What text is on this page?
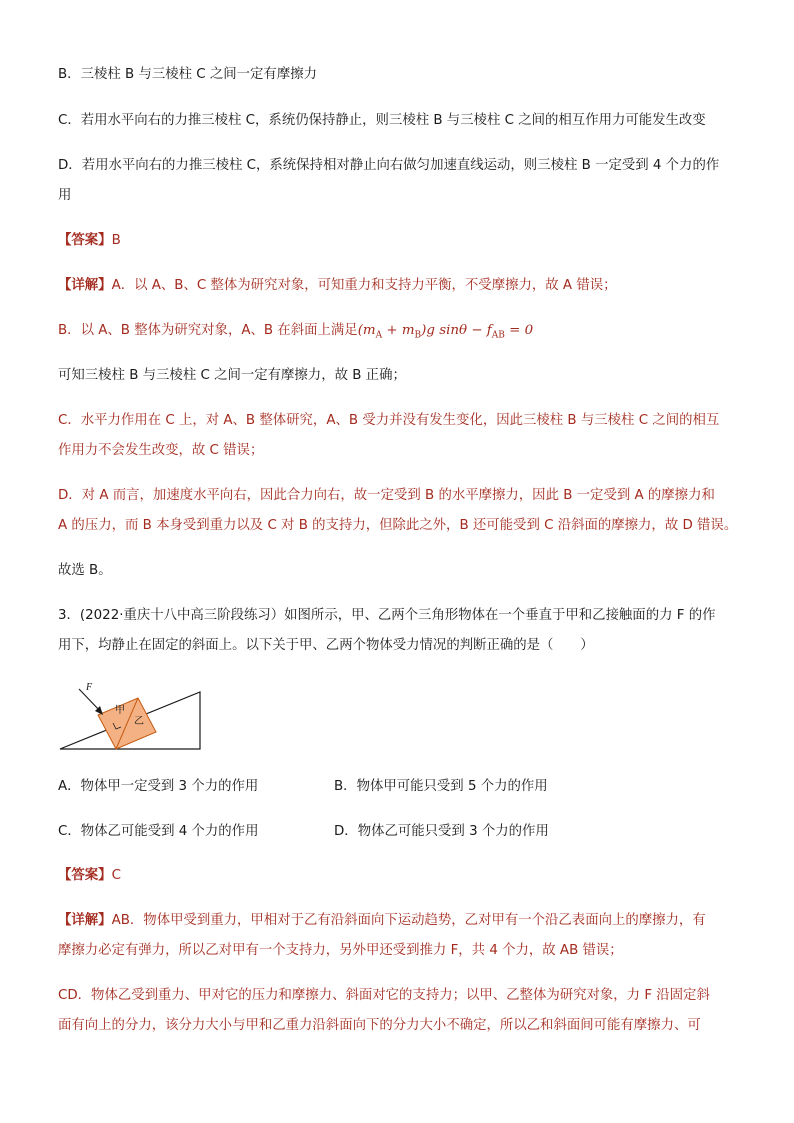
B．三棱柱 B 与三棱柱 C 之间一定有摩擦力
C．若用水平向右的力推三棱柱 C，系统仍保持静止，则三棱柱 B 与三棱柱 C 之间的相互作用力可能发生改变
D．若用水平向右的力推三棱柱 C，系统保持相对静止向右做匀加速直线运动，则三棱柱 B 一定受到 4 个力的作
用
【答案】B
【详解】A．以 A、B、C 整体为研究对象，可知重力和支持力平衡，不受摩擦力，故 A 错误；
B．以 A、B 整体为研究对象，A、B 在斜面上满足$(m_A + m_B)g$ $\sin\theta - f_{AB} = 0$
可知三棱柱 B 与三棱柱 C 之间一定有摩擦力，故 B 正确；
C．水平力作用在 C 上，对 A、B 整体研究，A、B 受力并没有发生变化，因此三棱柱 B 与三棱柱 C 之间的相互
作用力不会发生改变，故 C 错误；
D．对 A 而言，加速度水平向右，因此合力向右，故一定受到 B 的水平摩擦力，因此 B 一定受到 A 的摩擦力和
A 的压力，而 B 本身受到重力以及 C 对 B 的支持力，但除此之外，B 还可能受到 C 沿斜面的摩擦力，故 D 错误。
故选 B。
3．(2022·重庆十八中高三阶段练习）如图所示，甲、乙两个三角形物体在一个垂直于甲和乙接触面的力 F 的作
用下，均静止在固定的斜面上。以下关于甲、乙两个物体受力情况的判断正确的是（　　）
F
甲
乙
A．物体甲一定受到 3 个力的作用	B．物体甲可能只受到 5 个力的作用
C．物体乙可能受到 4 个力的作用	D．物体乙可能只受到 3 个力的作用
【答案】C
【详解】AB．物体甲受到重力，甲相对于乙有沿斜面向下运动趋势，乙对甲有一个沿乙表面向上的摩擦力，有
摩擦力必定有弹力，所以乙对甲有一个支持力，另外甲还受到推力 F，共 4 个力，故 AB 错误；
CD．物体乙受到重力、甲对它的压力和摩擦力、斜面对它的支持力；以甲、乙整体为研究对象，力 F 沿固定斜
面有向上的分力，该分力大小与甲和乙重力沿斜面向下的分力大小不确定，所以乙和斜面间可能有摩擦力、可
